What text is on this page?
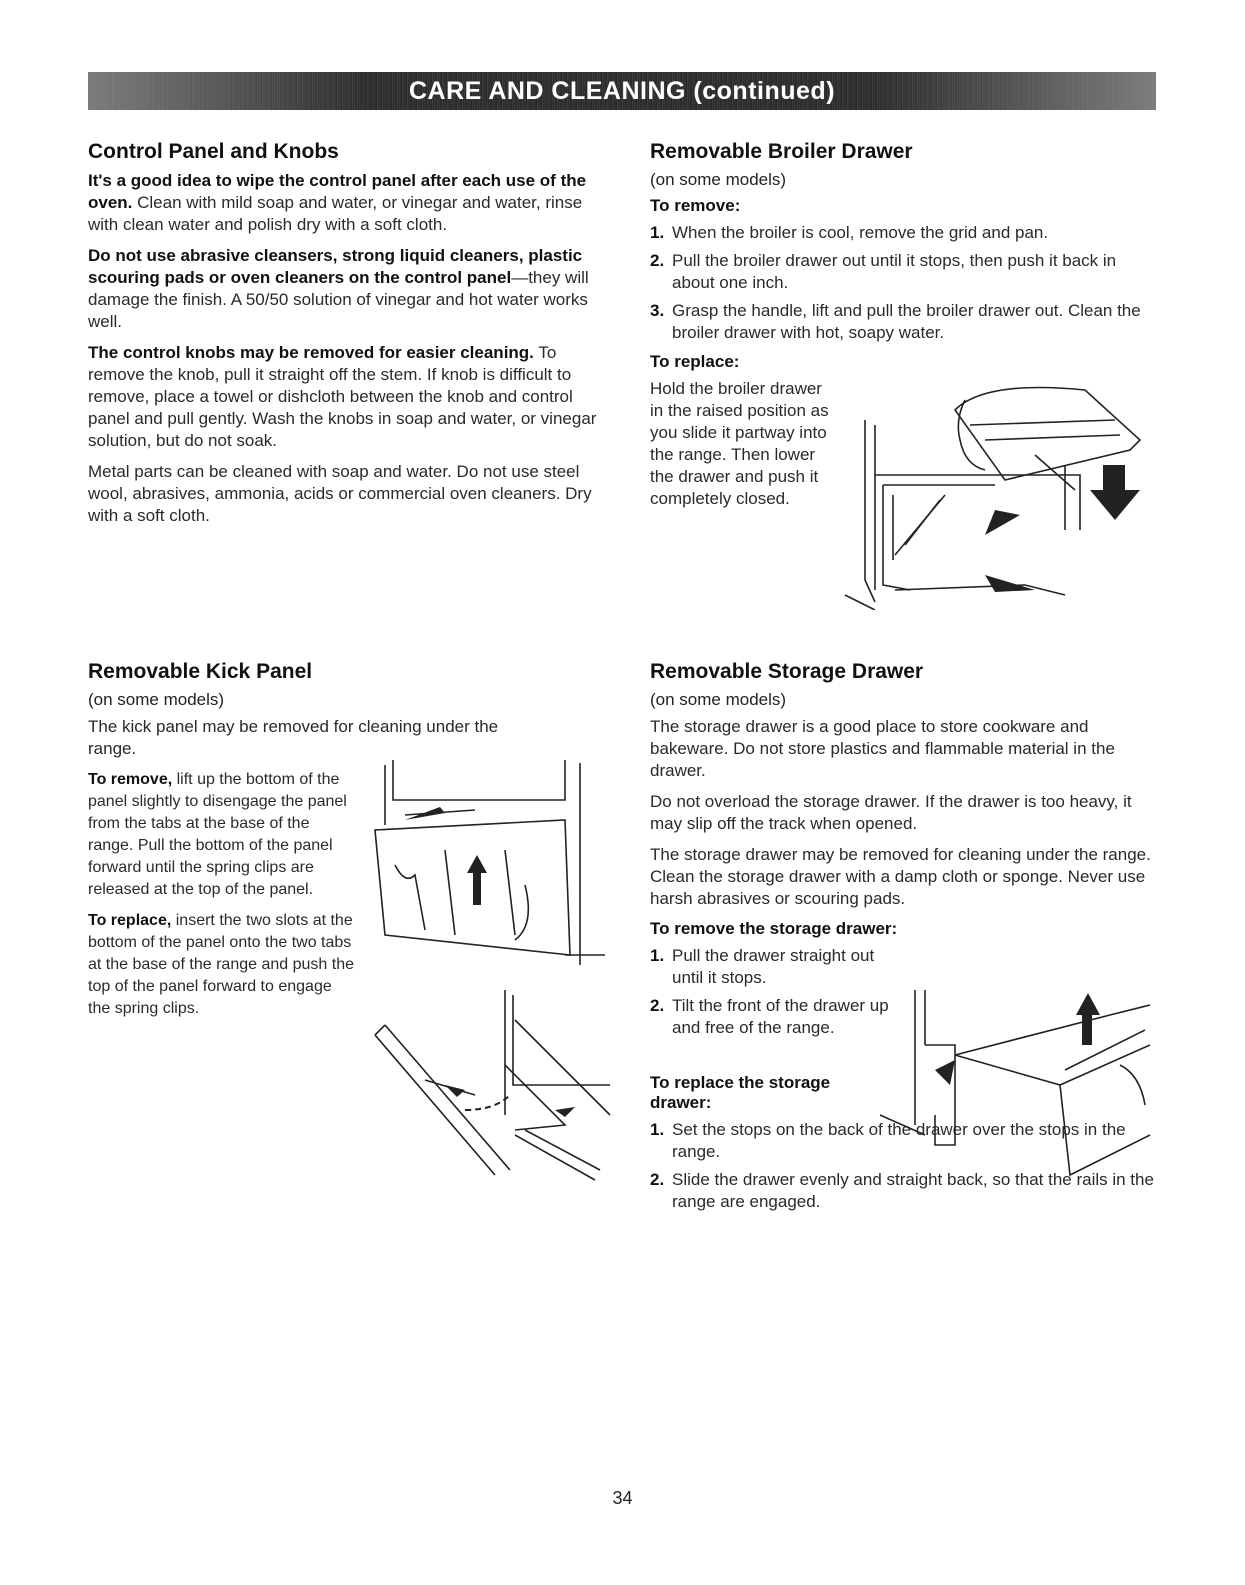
CARE AND CLEANING (continued)
Control Panel and Knobs

It's a good idea to wipe the control panel after each use of the oven. Clean with mild soap and water, or vinegar and water, rinse with clean water and polish dry with a soft cloth.

Do not use abrasive cleansers, strong liquid cleaners, plastic scouring pads or oven cleaners on the control panel—they will damage the finish. A 50/50 solution of vinegar and hot water works well.

The control knobs may be removed for easier cleaning. To remove the knob, pull it straight off the stem. If knob is difficult to remove, place a towel or dishcloth between the knob and control panel and pull gently. Wash the knobs in soap and water, or vinegar solution, but do not soak.

Metal parts can be cleaned with soap and water. Do not use steel wool, abrasives, ammonia, acids or commercial oven cleaners. Dry with a soft cloth.

Removable Broiler Drawer
(on some models)
To remove:
1. When the broiler is cool, remove the grid and pan.
2. Pull the broiler drawer out until it stops, then push it back in about one inch.
3. Grasp the handle, lift and pull the broiler drawer out. Clean the broiler drawer with hot, soapy water.
To replace:

Hold the broiler drawer in the raised position as you slide it partway into the range. Then lower the drawer and push it completely closed.

Removable Kick Panel
(on some models)

The kick panel may be removed for cleaning under the range.

To remove, lift up the bottom of the panel slightly to disengage the panel from the tabs at the base of the range. Pull the bottom of the panel forward until the spring clips are released at the top of the panel.

To replace, insert the two slots at the bottom of the panel onto the two tabs at the base of the range and push the top of the panel forward to engage the spring clips.

Removable Storage Drawer
(on some models)

The storage drawer is a good place to store cookware and bakeware. Do not store plastics and flammable material in the drawer.

Do not overload the storage drawer. If the drawer is too heavy, it may slip off the track when opened.

The storage drawer may be removed for cleaning under the range. Clean the storage drawer with a damp cloth or sponge. Never use harsh abrasives or scouring pads.

To remove the storage drawer:
1. Pull the drawer straight out until it stops.
2. Tilt the front of the drawer up and free of the range.
To replace the storage drawer:
1. Set the stops on the back of the drawer over the stops in the range.
2. Slide the drawer evenly and straight back, so that the rails in the range are engaged.
34
